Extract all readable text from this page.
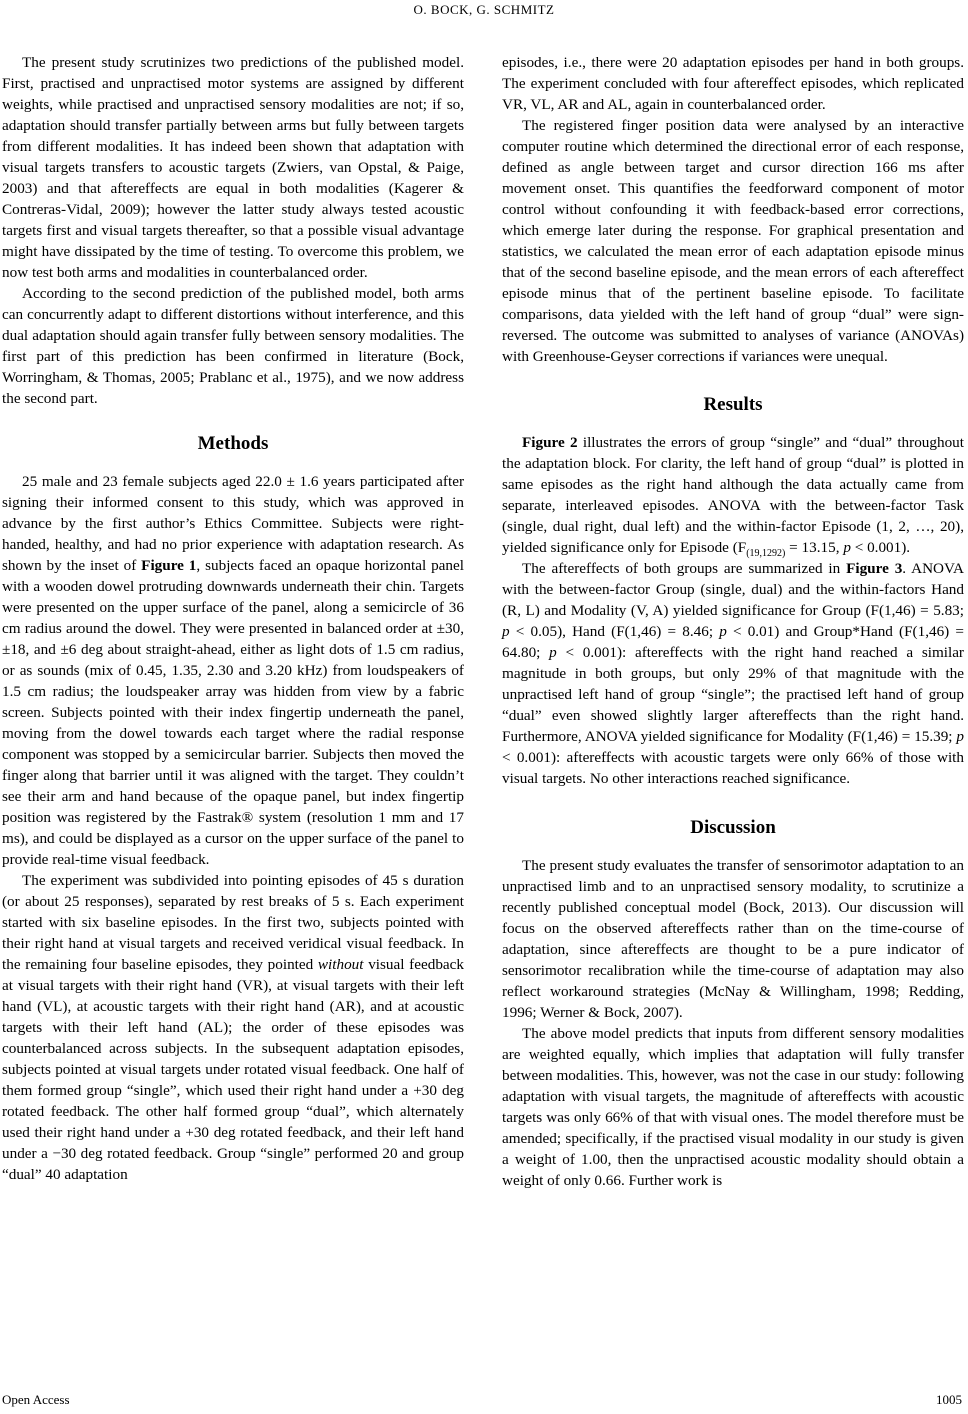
O. BOCK, G. SCHMITZ

The present study scrutinizes two predictions of the published model. First, practised and unpractised motor systems are assigned by different weights, while practised and unpractised sensory modalities are not; if so, adaptation should transfer partially between arms but fully between targets from different modalities. It has indeed been shown that adaptation with visual targets transfers to acoustic targets (Zwiers, van Opstal, & Paige, 2003) and that aftereffects are equal in both modalities (Kagerer & Contreras-Vidal, 2009); however the latter study always tested acoustic targets first and visual targets thereafter, so that a possible visual advantage might have dissipated by the time of testing. To overcome this problem, we now test both arms and modalities in counterbalanced order.

According to the second prediction of the published model, both arms can concurrently adapt to different distortions without interference, and this dual adaptation should again transfer fully between sensory modalities. The first part of this prediction has been confirmed in literature (Bock, Worringham, & Thomas, 2005; Prablanc et al., 1975), and we now address the second part.

Methods

25 male and 23 female subjects aged 22.0 ± 1.6 years participated after signing their informed consent to this study, which was approved in advance by the first author’s Ethics Committee. Subjects were right-handed, healthy, and had no prior experience with adaptation research. As shown by the inset of Figure 1, subjects faced an opaque horizontal panel with a wooden dowel protruding downwards underneath their chin. Targets were presented on the upper surface of the panel, along a semicircle of 36 cm radius around the dowel. They were presented in balanced order at ±30, ±18, and ±6 deg about straight-ahead, either as light dots of 1.5 cm radius, or as sounds (mix of 0.45, 1.35, 2.30 and 3.20 kHz) from loudspeakers of 1.5 cm radius; the loudspeaker array was hidden from view by a fabric screen. Subjects pointed with their index fingertip underneath the panel, moving from the dowel towards each target where the radial response component was stopped by a semicircular barrier. Subjects then moved the finger along that barrier until it was aligned with the target. They couldn’t see their arm and hand because of the opaque panel, but index fingertip position was registered by the Fastrak® system (resolution 1 mm and 17 ms), and could be displayed as a cursor on the upper surface of the panel to provide real-time visual feedback.

The experiment was subdivided into pointing episodes of 45 s duration (or about 25 responses), separated by rest breaks of 5 s. Each experiment started with six baseline episodes. In the first two, subjects pointed with their right hand at visual targets and received veridical visual feedback. In the remaining four baseline episodes, they pointed without visual feedback at visual targets with their right hand (VR), at visual targets with their left hand (VL), at acoustic targets with their right hand (AR), and at acoustic targets with their left hand (AL); the order of these episodes was counterbalanced across subjects. In the subsequent adaptation episodes, subjects pointed at visual targets under rotated visual feedback. One half of them formed group “single”, which used their right hand under a +30 deg rotated feedback. The other half formed group “dual”, which alternately used their right hand under a +30 deg rotated feedback, and their left hand under a −30 deg rotated feedback. Group “single” performed 20 and group “dual” 40 adaptation

episodes, i.e., there were 20 adaptation episodes per hand in both groups. The experiment concluded with four aftereffect episodes, which replicated VR, VL, AR and AL, again in counterbalanced order.

The registered finger position data were analysed by an interactive computer routine which determined the directional error of each response, defined as angle between target and cursor direction 166 ms after movement onset. This quantifies the feedforward component of motor control without confounding it with feedback-based error corrections, which emerge later during the response. For graphical presentation and statistics, we calculated the mean error of each adaptation episode minus that of the second baseline episode, and the mean errors of each aftereffect episode minus that of the pertinent baseline episode. To facilitate comparisons, data yielded with the left hand of group “dual” were sign-reversed. The outcome was submitted to analyses of variance (ANOVAs) with Greenhouse-Geyser corrections if variances were unequal.

Results

Figure 2 illustrates the errors of group “single” and “dual” throughout the adaptation block. For clarity, the left hand of group “dual” is plotted in same episodes as the right hand although the data actually came from separate, interleaved episodes. ANOVA with the between-factor Task (single, dual right, dual left) and the within-factor Episode (1, 2, …, 20), yielded significance only for Episode ($F_{(19,1292)} = 13.15$, p < 0.001).

The aftereffects of both groups are summarized in Figure 3. ANOVA with the between-factor Group (single, dual) and the within-factors Hand (R, L) and Modality (V, A) yielded significance for Group (F(1,46) = 5.83; p < 0.05), Hand (F(1,46) = 8.46; p < 0.01) and Group*Hand (F(1,46) = 64.80; p < 0.001): aftereffects with the right hand reached a similar magnitude in both groups, but only 29% of that magnitude with the unpractised left hand of group “single”; the practised left hand of group “dual” even showed slightly larger aftereffects than the right hand. Furthermore, ANOVA yielded significance for Modality (F(1,46) = 15.39; p < 0.001): aftereffects with acoustic targets were only 66% of those with visual targets. No other interactions reached significance.

Discussion

The present study evaluates the transfer of sensorimotor adaptation to an unpractised limb and to an unpractised sensory modality, to scrutinize a recently published conceptual model (Bock, 2013). Our discussion will focus on the observed aftereffects rather than on the time-course of adaptation, since aftereffects are thought to be a pure indicator of sensorimotor recalibration while the time-course of adaptation may also reflect workaround strategies (McNay & Willingham, 1998; Redding, 1996; Werner & Bock, 2007).

The above model predicts that inputs from different sensory modalities are weighted equally, which implies that adaptation will fully transfer between modalities. This, however, was not the case in our study: following adaptation with visual targets, the magnitude of aftereffects with acoustic targets was only 66% of that with visual ones. The model therefore must be amended; specifically, if the practised visual modality in our study is given a weight of 1.00, then the unpractised acoustic modality should obtain a weight of only 0.66. Further work is

Open Access	1005
